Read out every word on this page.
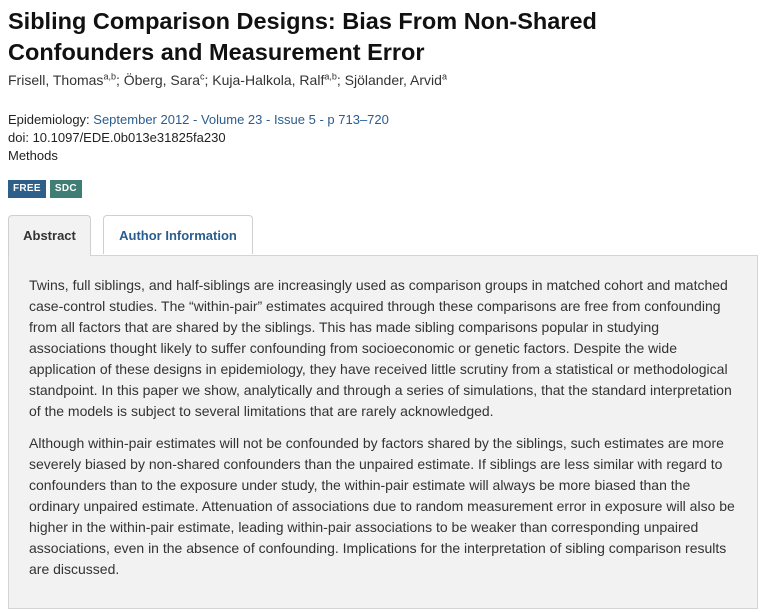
Sibling Comparison Designs: Bias From Non-Shared Confounders and Measurement Error
Frisell, Thomas$^{a,b}$; Öberg, Sara$^c$; Kuja-Halkola, Ralf$^{a,b}$; Sjölander, Arvid$^a$
Epidemiology: September 2012 - Volume 23 - Issue 5 - p 713–720
doi: 10.1097/EDE.0b013e31825fa230
Methods
FREE	SDC
Abstract	Author Information

Twins, full siblings, and half-siblings are increasingly used as comparison groups in matched cohort and matched case-control studies. The “within-pair” estimates acquired through these comparisons are free from confounding from all factors that are shared by the siblings. This has made sibling comparisons popular in studying associations thought likely to suffer confounding from socioeconomic or genetic factors. Despite the wide application of these designs in epidemiology, they have received little scrutiny from a statistical or methodological standpoint. In this paper we show, analytically and through a series of simulations, that the standard interpretation of the models is subject to several limitations that are rarely acknowledged.

Although within-pair estimates will not be confounded by factors shared by the siblings, such estimates are more severely biased by non-shared confounders than the unpaired estimate. If siblings are less similar with regard to confounders than to the exposure under study, the within-pair estimate will always be more biased than the ordinary unpaired estimate. Attenuation of associations due to random measurement error in exposure will also be higher in the within-pair estimate, leading within-pair associations to be weaker than corresponding unpaired associations, even in the absence of confounding. Implications for the interpretation of sibling comparison results are discussed.
